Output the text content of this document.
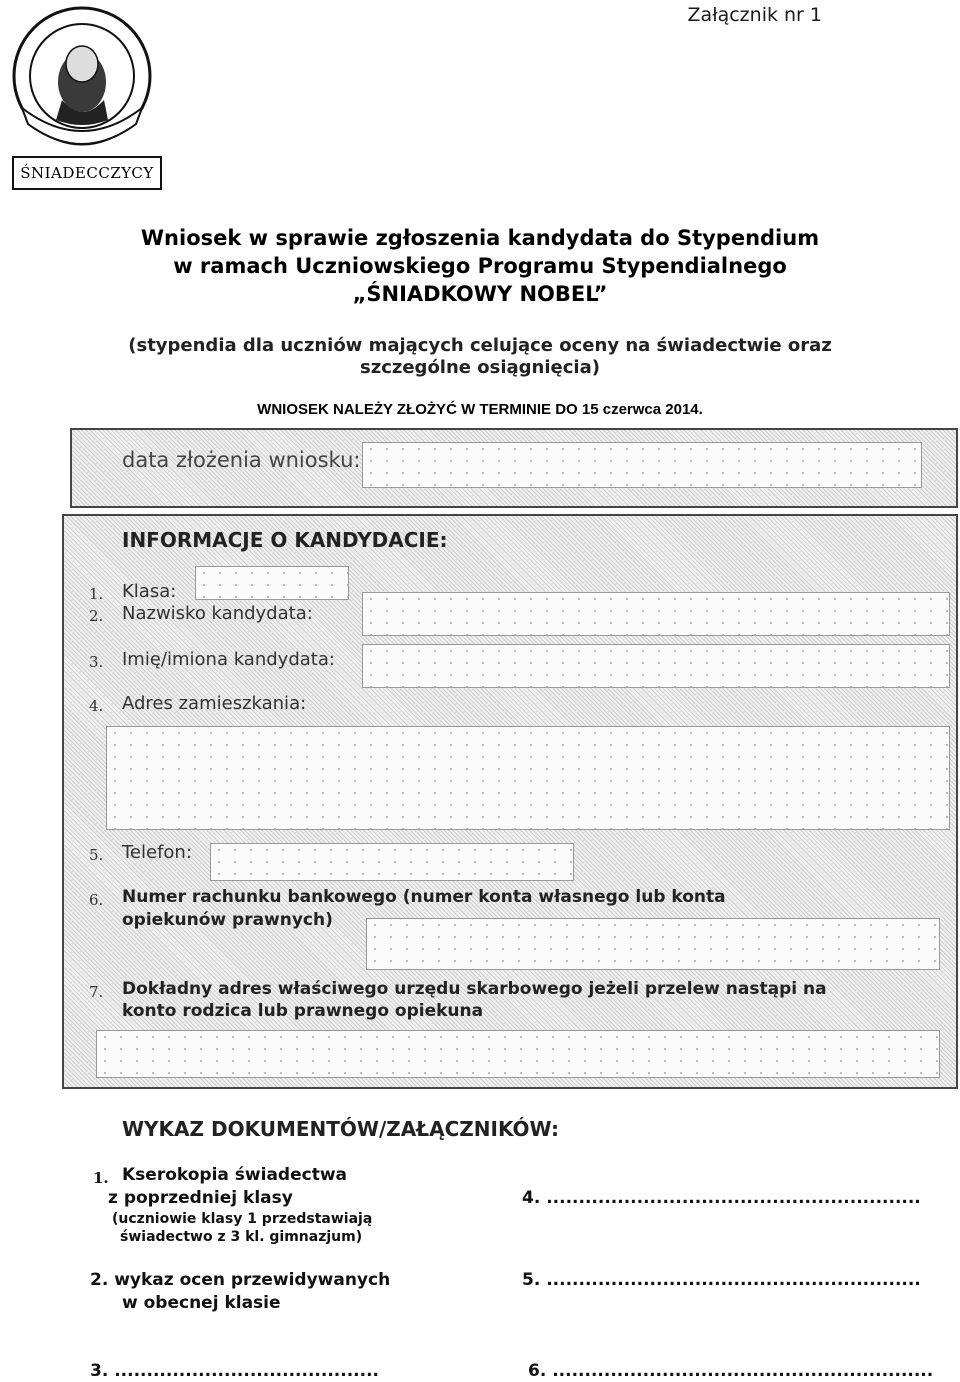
Załącznik nr 1
ŚNIADECCZYCY
Wniosek w sprawie zgłoszenia kandydata do Stypendium
w ramach Uczniowskiego Programu Stypendialnego
„ŚNIADKOWY NOBEL”
(stypendia dla uczniów mających celujące oceny na świadectwie oraz
szczególne osiągnięcia)
WNIOSEK NALEŻY ZŁOŻYĆ W TERMINIE DO 15 czerwca 2014.
data złożenia wniosku:
INFORMACJE O KANDYDACIE:
1. Klasa:
2. Nazwisko kandydata:
3. Imię/imiona kandydata:
4. Adres zamieszkania:
5. Telefon:
6. Numer rachunku bankowego (numer konta własnego lub konta
opiekunów prawnych)
7. Dokładny adres właściwego urzędu skarbowego jeżeli przelew nastąpi na
konto rodzica lub prawnego opiekuna
WYKAZ DOKUMENTÓW/ZAŁĄCZNIKÓW:
1. Kserokopia świadectwa
z poprzedniej klasy
(uczniowie klasy 1 przedstawiają
świadectwo z 3 kl. gimnazjum)
4. ..........................................................
2. wykaz ocen przewidywanych
w obecnej klasie
5. ..........................................................
3. .........................................	6. ...........................................................
